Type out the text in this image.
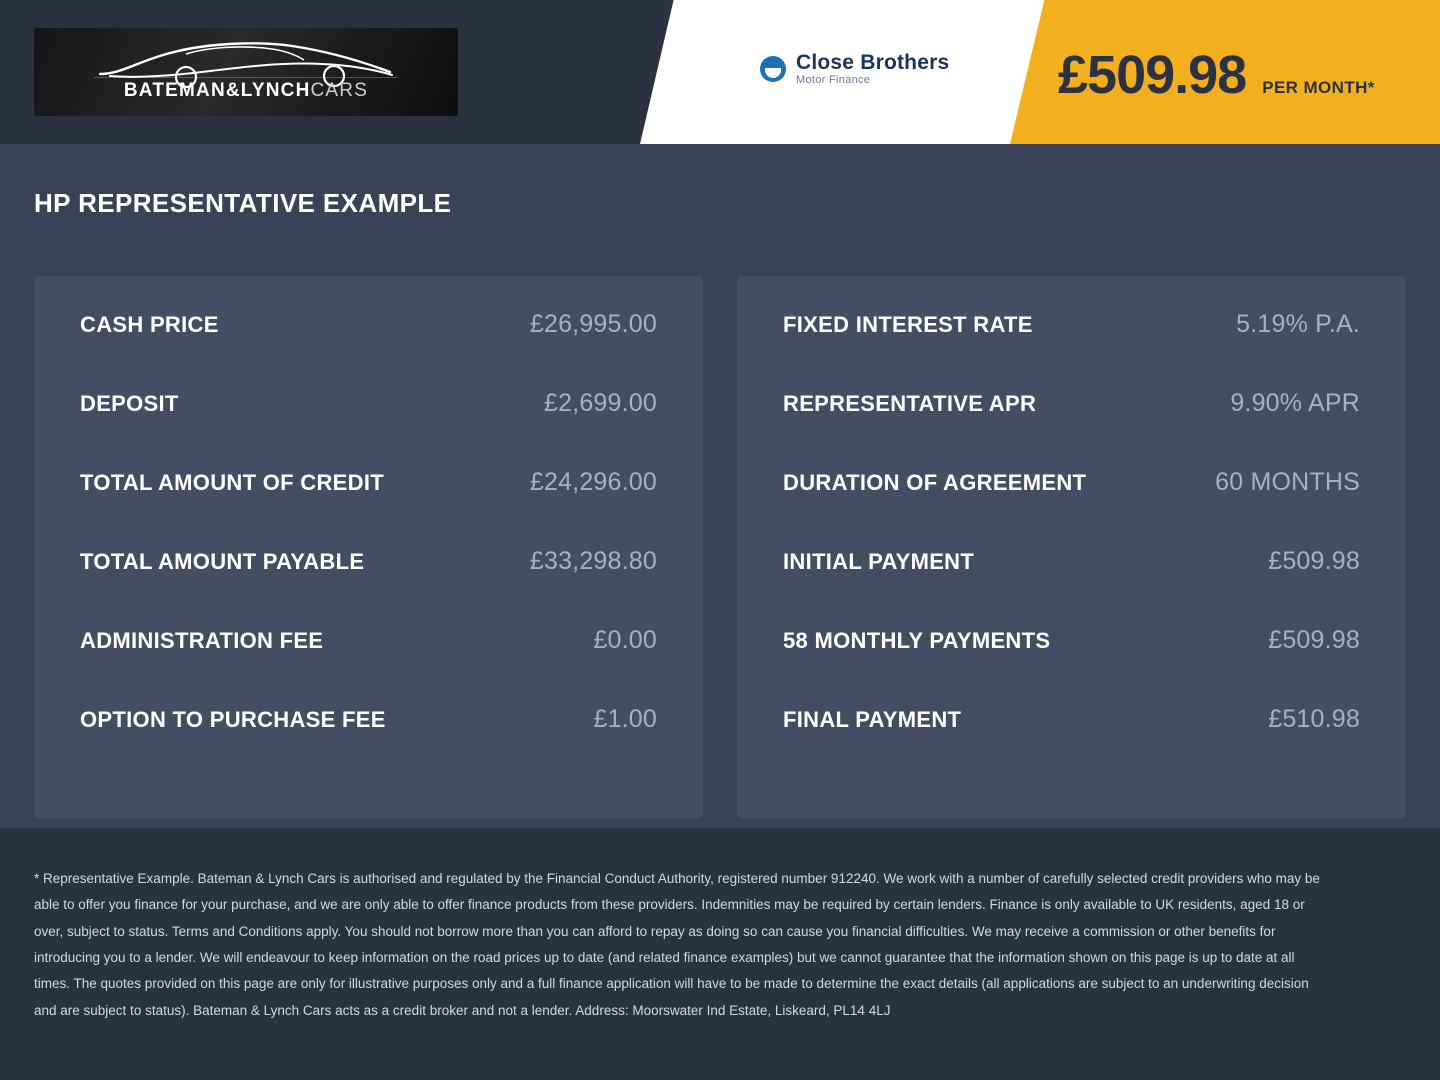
BATEMAN&LYNCHCARS
Close Brothers
Motor Finance	£509.98 PER MONTH*
HP REPRESENTATIVE EXAMPLE
CASH PRICE	£26,995.00
DEPOSIT	£2,699.00
TOTAL AMOUNT OF CREDIT	£24,296.00
TOTAL AMOUNT PAYABLE	£33,298.80
ADMINISTRATION FEE	£0.00
OPTION TO PURCHASE FEE	£1.00
FIXED INTEREST RATE	5.19% P.A.
REPRESENTATIVE APR	9.90% APR
DURATION OF AGREEMENT	60 MONTHS
INITIAL PAYMENT	£509.98
58 MONTHLY PAYMENTS	£509.98
FINAL PAYMENT	£510.98

* Representative Example. Bateman & Lynch Cars is authorised and regulated by the Financial Conduct Authority, registered number 912240. We work with a number of carefully selected credit providers who may be able to offer you finance for your purchase, and we are only able to offer finance products from these providers. Indemnities may be required by certain lenders. Finance is only available to UK residents, aged 18 or over, subject to status. Terms and Conditions apply. You should not borrow more than you can afford to repay as doing so can cause you financial difficulties. We may receive a commission or other benefits for introducing you to a lender. We will endeavour to keep information on the road prices up to date (and related finance examples) but we cannot guarantee that the information shown on this page is up to date at all times. The quotes provided on this page are only for illustrative purposes only and a full finance application will have to be made to determine the exact details (all applications are subject to an underwriting decision and are subject to status). Bateman & Lynch Cars acts as a credit broker and not a lender. Address: Moorswater Ind Estate, Liskeard, PL14 4LJ
